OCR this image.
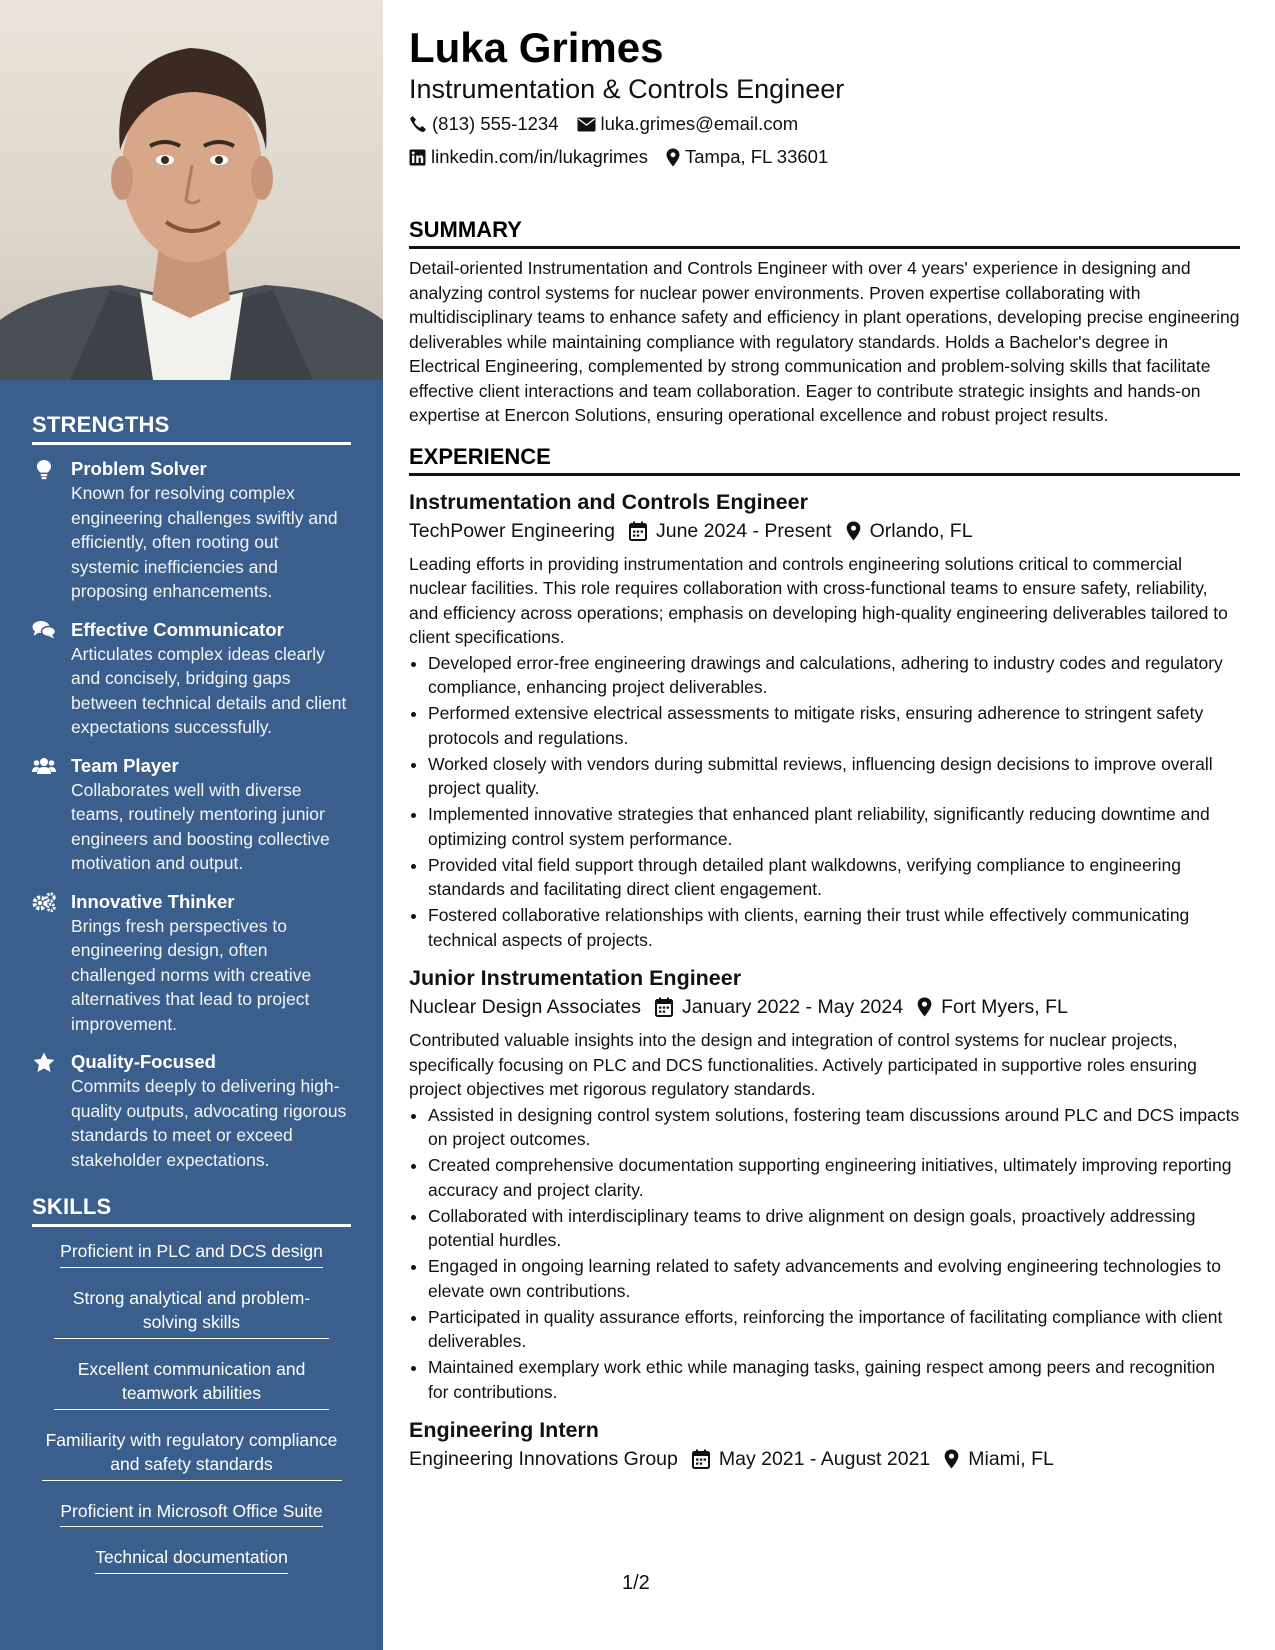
STRENGTHS
Problem Solver
Known for resolving complex engineering challenges swiftly and efficiently, often rooting out systemic inefficiencies and proposing enhancements.
Effective Communicator
Articulates complex ideas clearly and concisely, bridging gaps between technical details and client expectations successfully.
Team Player
Collaborates well with diverse teams, routinely mentoring junior engineers and boosting collective motivation and output.
Innovative Thinker
Brings fresh perspectives to engineering design, often challenged norms with creative alternatives that lead to project improvement.
Quality-Focused
Commits deeply to delivering high-quality outputs, advocating rigorous standards to meet or exceed stakeholder expectations.
SKILLS
Proficient in PLC and DCS design
Strong analytical and problem-solving skills
Excellent communication and teamwork abilities
Familiarity with regulatory compliance and safety standards
Proficient in Microsoft Office Suite
Technical documentation
Luka Grimes
Instrumentation & Controls Engineer
(813) 555-1234 luka.grimes@email.com
linkedin.com/in/lukagrimes Tampa, FL 33601
SUMMARY
Detail-oriented Instrumentation and Controls Engineer with over 4 years' experience in designing and analyzing control systems for nuclear power environments. Proven expertise collaborating with multidisciplinary teams to enhance safety and efficiency in plant operations, developing precise engineering deliverables while maintaining compliance with regulatory standards. Holds a Bachelor's degree in Electrical Engineering, complemented by strong communication and problem-solving skills that facilitate effective client interactions and team collaboration. Eager to contribute strategic insights and hands-on expertise at Enercon Solutions, ensuring operational excellence and robust project results.
EXPERIENCE
Instrumentation and Controls Engineer
TechPower Engineering June 2024 - Present Orlando, FL
Leading efforts in providing instrumentation and controls engineering solutions critical to commercial nuclear facilities. This role requires collaboration with cross-functional teams to ensure safety, reliability, and efficiency across operations; emphasis on developing high-quality engineering deliverables tailored to client specifications.
• Developed error-free engineering drawings and calculations, adhering to industry codes and regulatory compliance, enhancing project deliverables.
• Performed extensive electrical assessments to mitigate risks, ensuring adherence to stringent safety protocols and regulations.
• Worked closely with vendors during submittal reviews, influencing design decisions to improve overall project quality.
• Implemented innovative strategies that enhanced plant reliability, significantly reducing downtime and optimizing control system performance.
• Provided vital field support through detailed plant walkdowns, verifying compliance to engineering standards and facilitating direct client engagement.
• Fostered collaborative relationships with clients, earning their trust while effectively communicating technical aspects of projects.
Junior Instrumentation Engineer
Nuclear Design Associates January 2022 - May 2024 Fort Myers, FL
Contributed valuable insights into the design and integration of control systems for nuclear projects, specifically focusing on PLC and DCS functionalities. Actively participated in supportive roles ensuring project objectives met rigorous regulatory standards.
• Assisted in designing control system solutions, fostering team discussions around PLC and DCS impacts on project outcomes.
• Created comprehensive documentation supporting engineering initiatives, ultimately improving reporting accuracy and project clarity.
• Collaborated with interdisciplinary teams to drive alignment on design goals, proactively addressing potential hurdles.
• Engaged in ongoing learning related to safety advancements and evolving engineering technologies to elevate own contributions.
• Participated in quality assurance efforts, reinforcing the importance of facilitating compliance with client deliverables.
• Maintained exemplary work ethic while managing tasks, gaining respect among peers and recognition for contributions.
Engineering Intern
Engineering Innovations Group May 2021 - August 2021 Miami, FL
1/2
